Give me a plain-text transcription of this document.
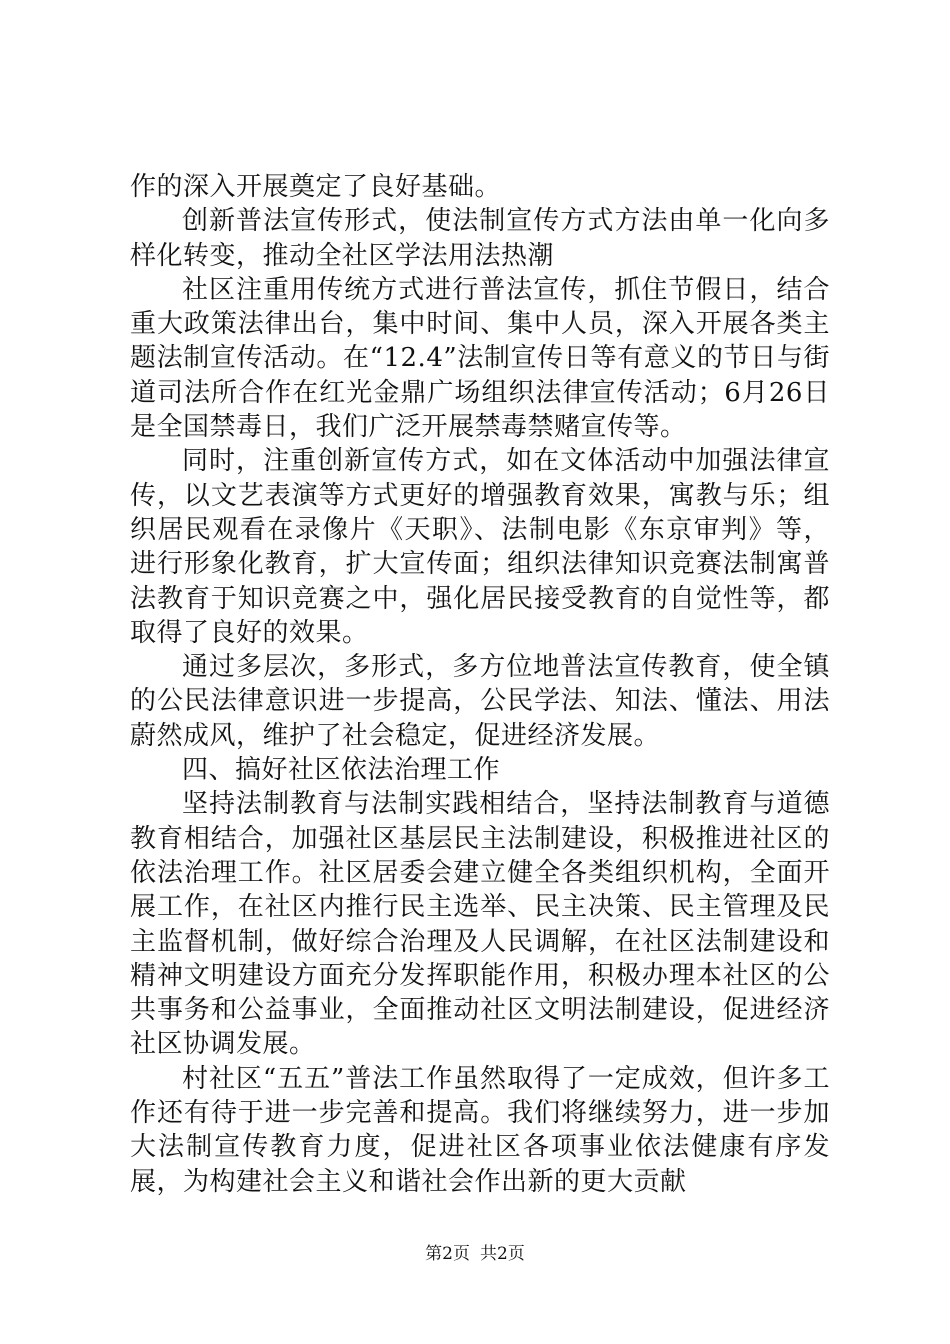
作的深入开展奠定了良好基础。

创新普法宣传形式，使法制宣传方式方法由单一化向多样化转变，推动全社区学法用法热潮

社区注重用传统方式进行普法宣传，抓住节假日，结合重大政策法律出台，集中时间、集中人员，深入开展各类主题法制宣传活动。在“12.4”法制宣传日等有意义的节日与街道司法所合作在红光金鼎广场组织法律宣传活动；6月26日是全国禁毒日，我们广泛开展禁毒禁赌宣传等。

同时，注重创新宣传方式，如在文体活动中加强法律宣传，以文艺表演等方式更好的增强教育效果，寓教与乐；组织居民观看在录像片《天职》、法制电影《东京审判》等，进行形象化教育，扩大宣传面；组织法律知识竞赛法制寓普法教育于知识竞赛之中，强化居民接受教育的自觉性等，都取得了良好的效果。

通过多层次，多形式，多方位地普法宣传教育，使全镇的公民法律意识进一步提高，公民学法、知法、懂法、用法蔚然成风，维护了社会稳定，促进经济发展。

四、搞好社区依法治理工作

坚持法制教育与法制实践相结合，坚持法制教育与道德教育相结合，加强社区基层民主法制建设，积极推进社区的依法治理工作。社区居委会建立健全各类组织机构，全面开展工作，在社区内推行民主选举、民主决策、民主管理及民主监督机制，做好综合治理及人民调解，在社区法制建设和精神文明建设方面充分发挥职能作用，积极办理本社区的公共事务和公益事业，全面推动社区文明法制建设，促进经济社区协调发展。

村社区“五五”普法工作虽然取得了一定成效，但许多工作还有待于进一步完善和提高。我们将继续努力，进一步加大法制宣传教育力度，促进社区各项事业依法健康有序发展，为构建社会主义和谐社会作出新的更大贡献

第2页 共2页
